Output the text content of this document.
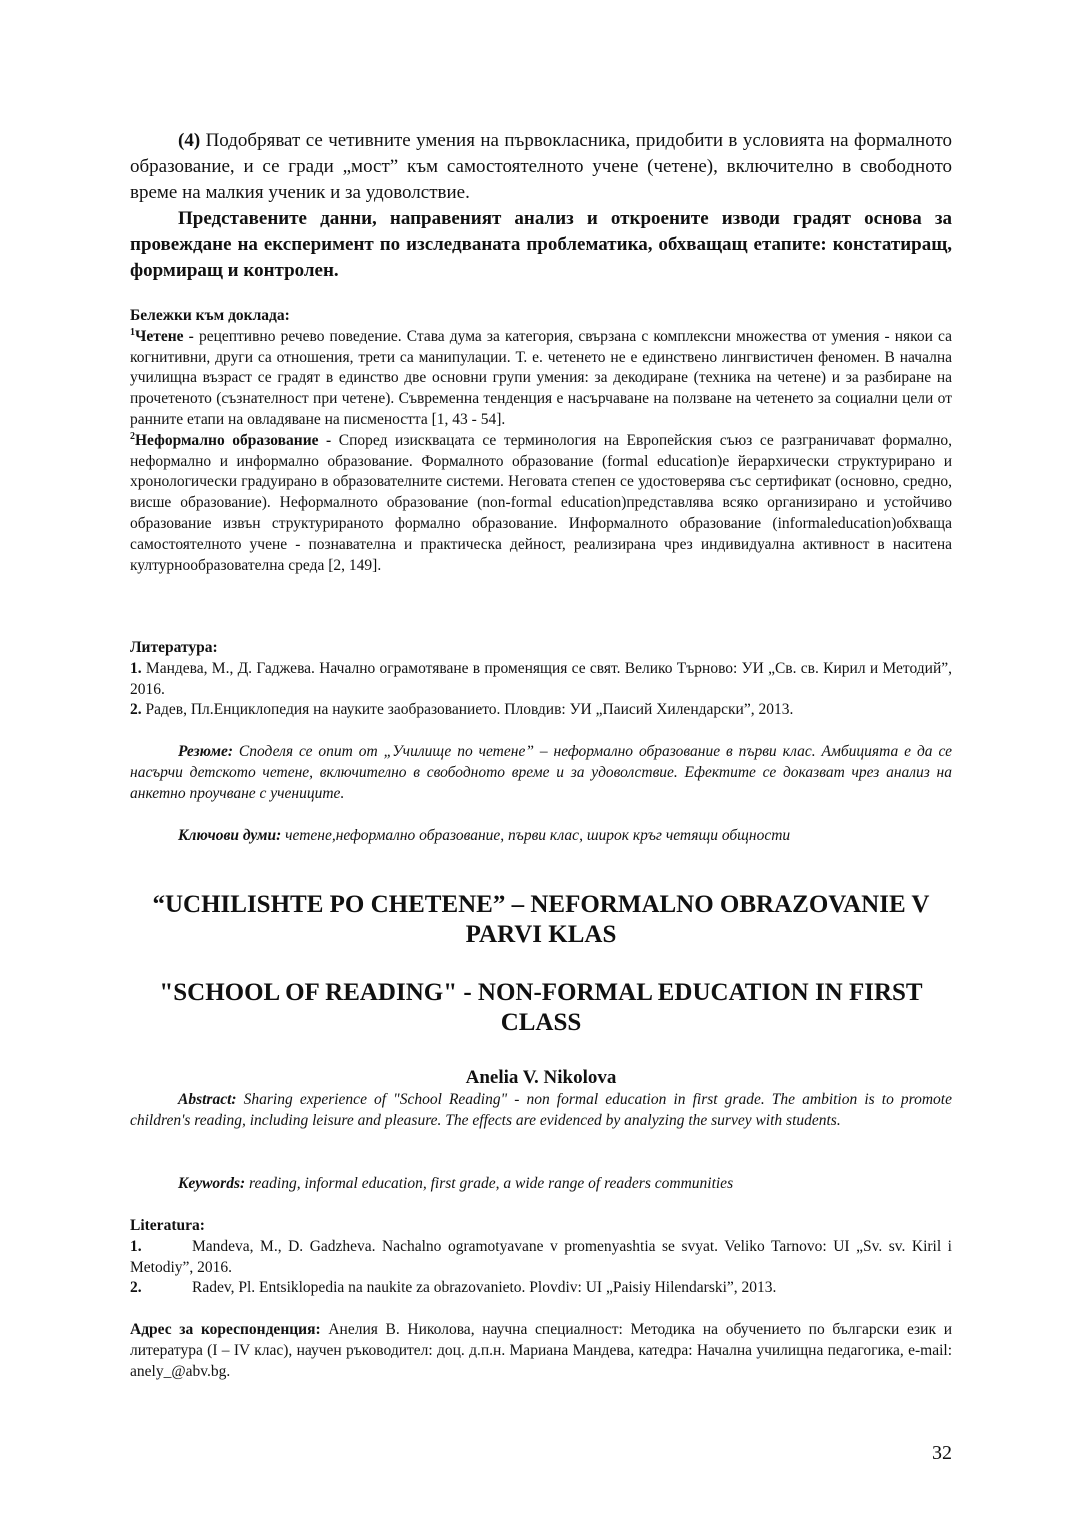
(4) Подобряват се четивните умения на първокласника, придобити в условията на формалното образование, и се гради „мост” към самостоятелното учене (четене), включително в свободното време на малкия ученик и за удоволствие.

Представените данни, направеният анализ и откроените изводи градят основа за провеждане на експеримент по изследваната проблематика, обхващащ етапите: констатиращ, формиращ и контролен.

Бележки към доклада:

$^1$Четене - рецептивно речево поведение. Става дума за категория, свързана с комплексни множества от умения - някои са когнитивни, други са отношения, трети са манипулации. Т. е. четенето не е единствено лингвистичен феномен. В начална училищна възраст се градят в единство две основни групи умения: за декодиране (техника на четене) и за разбиране на прочетеното (съзнателност при четене). Съвременна тенденция е насърчаване на ползване на четенето за социални цели от ранните етапи на овладяване на писмеността [1, 43 - 54].

$^2$Неформално образование - Според изисквацата се терминология на Европейския съюз се разграничават формално, неформално и информално образование. Формалното образование (formal education)е йерархически структурирано и хронологически градуирано в образователните системи. Неговата степен се удостоверява със сертификат (основно, средно, висше образование). Неформалното образование (non-formal education)представлява всяко организирано и устойчиво образование извън структурираното формално образование. Информалното образование (informaleducation)обхваща самостоятелното учене - познавателна и практическа дейност, реализирана чрез индивидуална активност в наситена културнообразователна среда [2, 149].

Литература:

1. Мандева, М., Д. Гаджева. Начално ограмотяване в променящия се свят. Велико Търново: УИ „Св. св. Кирил и Методий”, 2016.

2. Радев, Пл.Енциклопедия на науките заобразованието. Пловдив: УИ „Паисий Хилендарски”, 2013.

Резюме: Споделя се опит от „Училище по четене” – неформално образование в първи клас. Амбицията е да се насърчи детското четене, включително в свободното време и за удоволствие. Ефектите се доказват чрез анализ на анкетно проучване с учениците.

Ключови думи: четене,неформално образование, първи клас, широк кръг четящи общности

“UCHILISHTE PO CHETENE” – NEFORMALNO OBRAZOVANIE V PARVI KLAS
"SCHOOL OF READING" - NON-FORMAL EDUCATION IN FIRST CLASS
Anelia V. Nikolova

Abstract: Sharing experience of "School Reading" - non formal education in first grade. The ambition is to promote children's reading, including leisure and pleasure. The effects are evidenced by analyzing the survey with students.

Keywords: reading, informal education, first grade, a wide range of readers communities

Literatura:

1.	Mandeva, M., D. Gadzheva. Nachalno ogramotyavane v promenyashtia se svyat. Veliko Tarnovo: UI „Sv. sv. Kiril i Metodiy”, 2016.

2.	Radev, Pl. Entsiklopedia na naukite za obrazovanieto. Plovdiv: UI „Paisiy Hilendarski”, 2013.

Адрес за кореспонденция: Анелия В. Николова, научна специалност: Методика на обучението по български език и литература (I – IV клас), научен ръководител: доц. д.п.н. Мариана Мандева, катедра: Начална училищна педагогика, e-mail: anely_@abv.bg.

32
